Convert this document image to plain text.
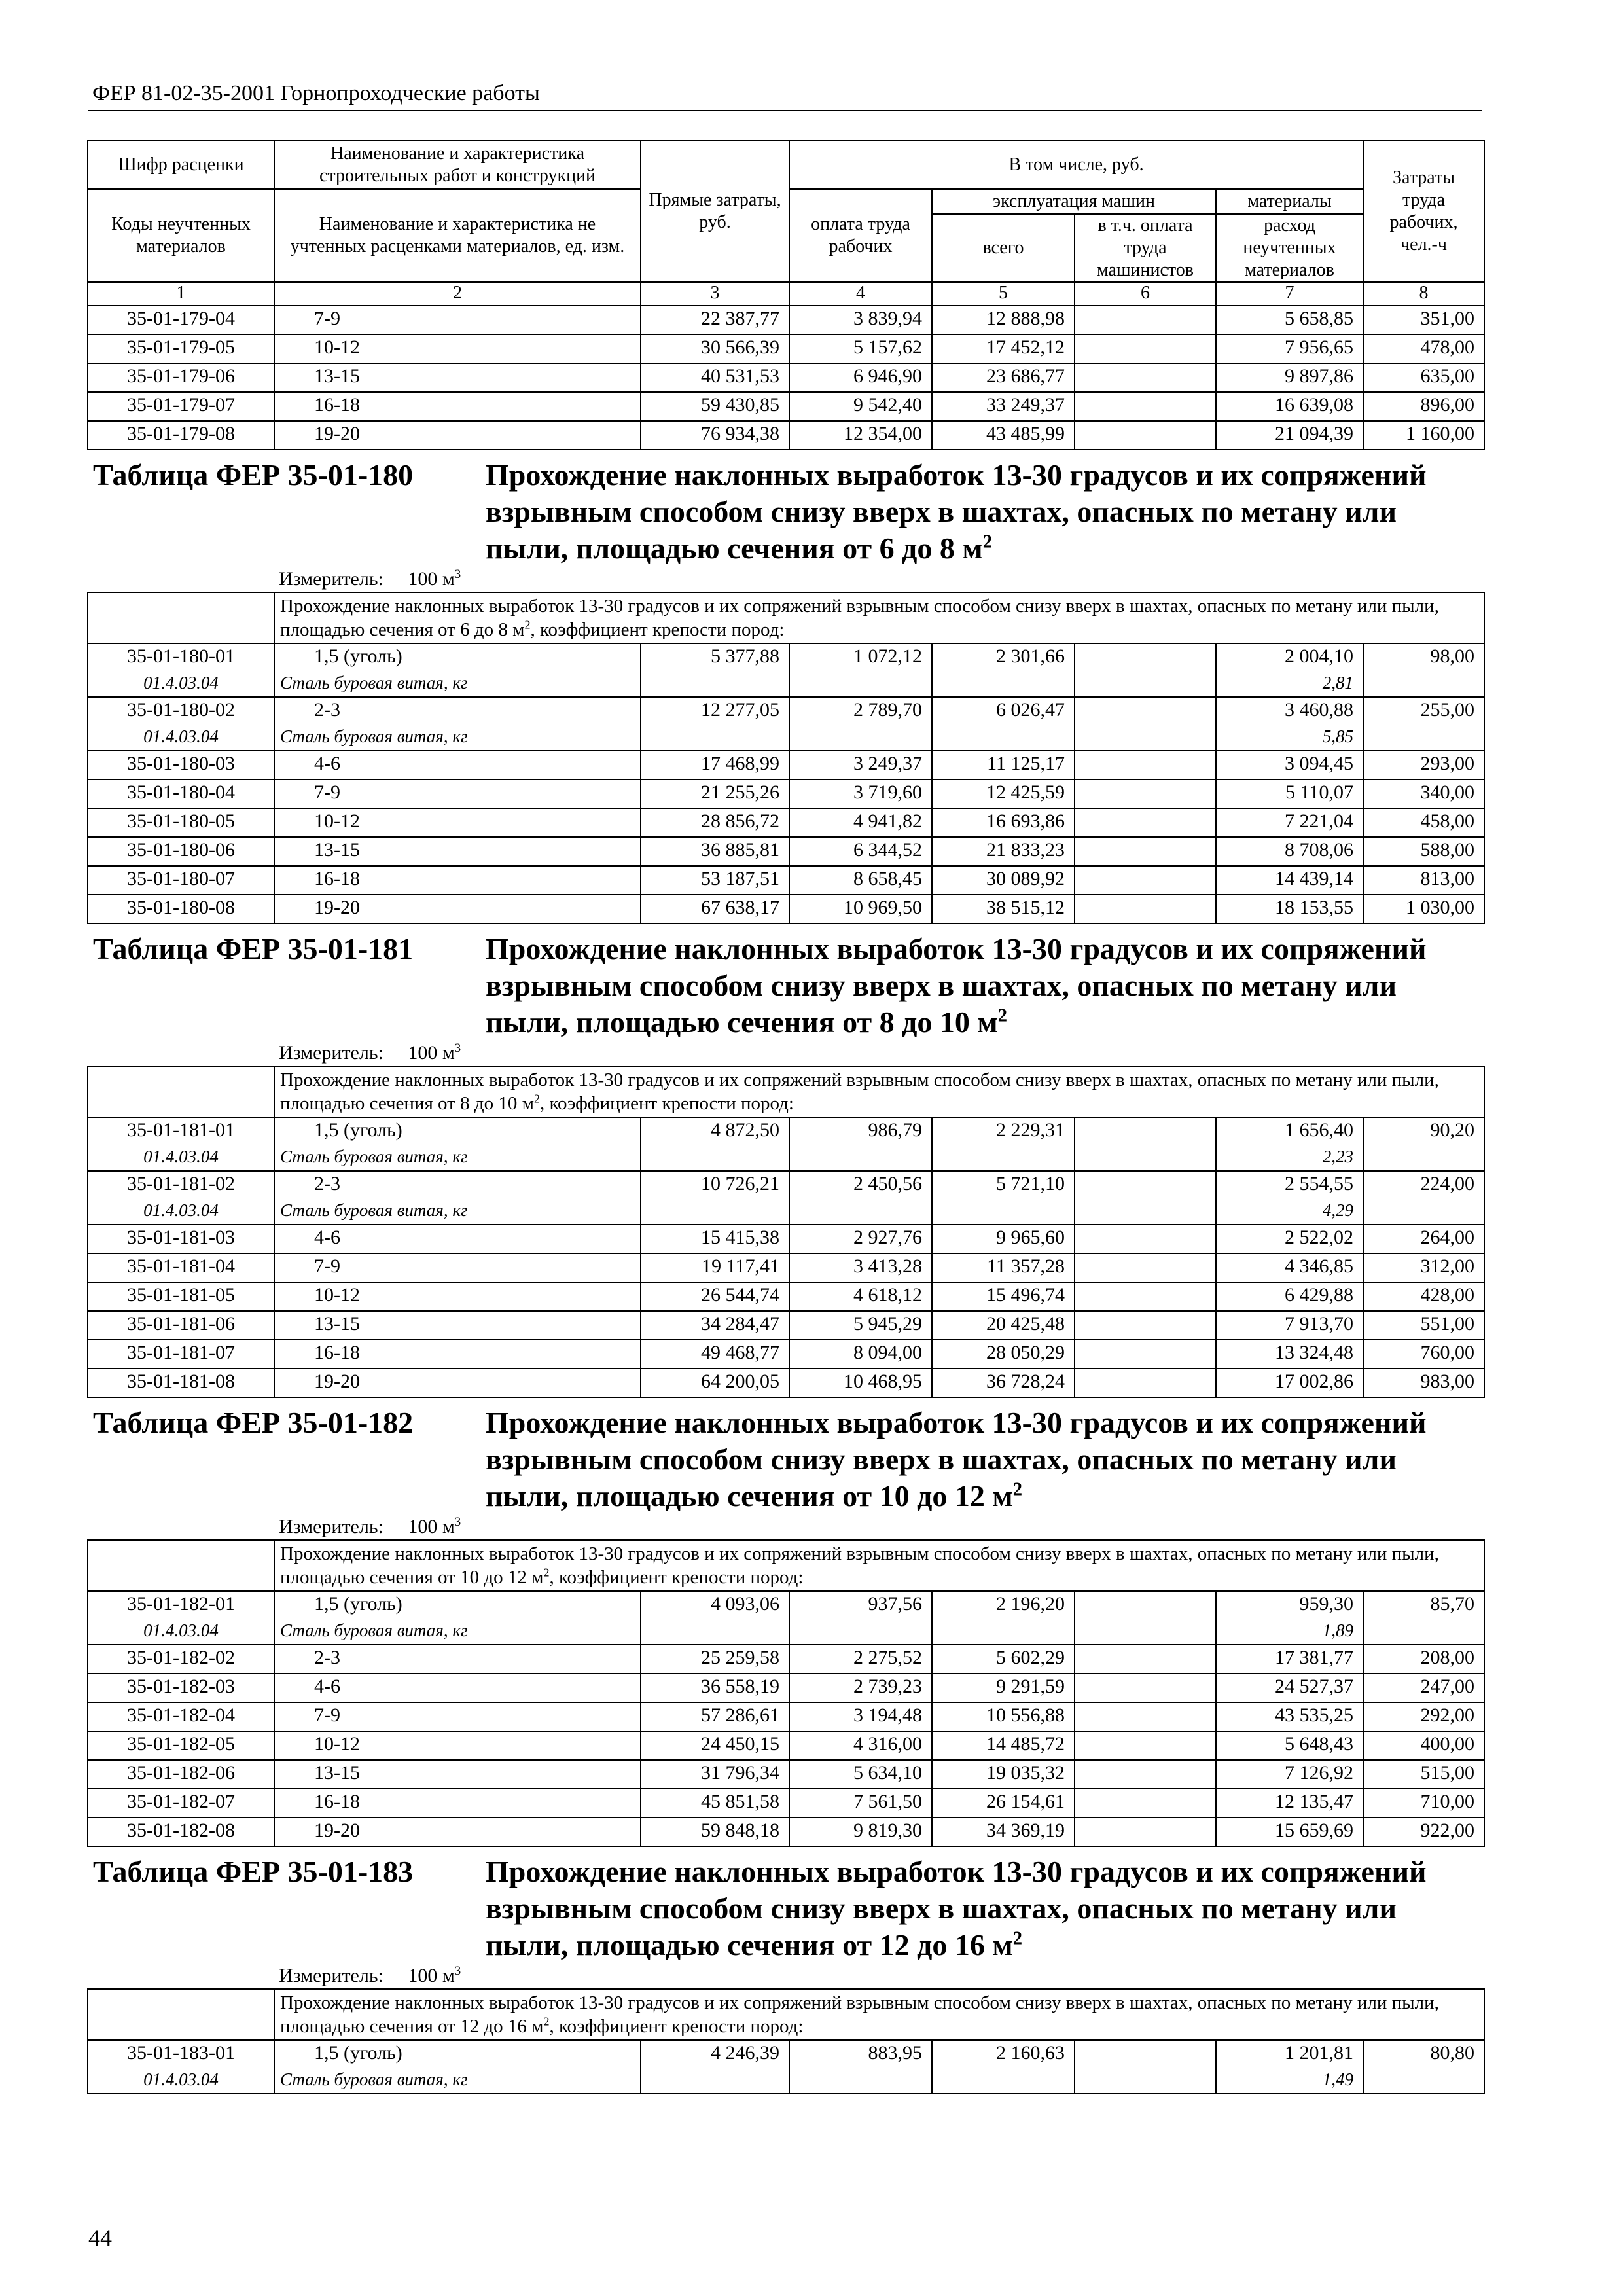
ФЕР 81-02-35-2001 Горнопроходческие работы
Шифр расценки	Наименование и характеристика строительных работ и конструкций	Прямые затраты, руб.	В том числе, руб.				Затраты труда рабочих, чел.-ч
Коды неучтенных материалов	Наименование и характеристика не учтенных расценками материалов, ед. изм.		оплата труда рабочих	эксплуатация машин		материалы	
				всего	в т.ч. оплата труда машинистов	расход неучтенных материалов	
1	2	3	4	5	6	7	8
35-01-179-04	7-9	22 387,77	3 839,94	12 888,98		5 658,85	351,00
35-01-179-05	10-12	30 566,39	5 157,62	17 452,12		7 956,65	478,00
35-01-179-06	13-15	40 531,53	6 946,90	23 686,77		9 897,86	635,00
35-01-179-07	16-18	59 430,85	9 542,40	33 249,37		16 639,08	896,00
35-01-179-08	19-20	76 934,38	12 354,00	43 485,99		21 094,39	1 160,00

Таблица ФЕР 35-01-180 Прохождение наклонных выработок 13-30 градусов и их сопряжений взрывным способом снизу вверх в шахтах, опасных по метану или пыли, площадью сечения от 6 до 8 $м^2$

Измеритель: 100 $м^3$
	Прохождение наклонных выработок 13-30 градусов и их сопряжений взрывным способом снизу вверх в шахтах, опасных по метану или пыли, площадью сечения от 6 до 8 $м^2$, коэффициент крепости пород:						
35-01-180-01	1,5 (уголь)	5 377,88	1 072,12	2 301,66		2 004,10	98,00
01.4.03.04	Сталь буровая витая, кг					2,81	
35-01-180-02	2-3	12 277,05	2 789,70	6 026,47		3 460,88	255,00
01.4.03.04	Сталь буровая витая, кг					5,85	
35-01-180-03	4-6	17 468,99	3 249,37	11 125,17		3 094,45	293,00
35-01-180-04	7-9	21 255,26	3 719,60	12 425,59		5 110,07	340,00
35-01-180-05	10-12	28 856,72	4 941,82	16 693,86		7 221,04	458,00
35-01-180-06	13-15	36 885,81	6 344,52	21 833,23		8 708,06	588,00
35-01-180-07	16-18	53 187,51	8 658,45	30 089,92		14 439,14	813,00
35-01-180-08	19-20	67 638,17	10 969,50	38 515,12		18 153,55	1 030,00

Таблица ФЕР 35-01-181 Прохождение наклонных выработок 13-30 градусов и их сопряжений взрывным способом снизу вверх в шахтах, опасных по метану или пыли, площадью сечения от 8 до 10 $м^2$

Измеритель: 100 $м^3$
	Прохождение наклонных выработок 13-30 градусов и их сопряжений взрывным способом снизу вверх в шахтах, опасных по метану или пыли, площадью сечения от 8 до 10 $м^2$, коэффициент крепости пород:						
35-01-181-01	1,5 (уголь)	4 872,50	986,79	2 229,31		1 656,40	90,20
01.4.03.04	Сталь буровая витая, кг					2,23	
35-01-181-02	2-3	10 726,21	2 450,56	5 721,10		2 554,55	224,00
01.4.03.04	Сталь буровая витая, кг					4,29	
35-01-181-03	4-6	15 415,38	2 927,76	9 965,60		2 522,02	264,00
35-01-181-04	7-9	19 117,41	3 413,28	11 357,28		4 346,85	312,00
35-01-181-05	10-12	26 544,74	4 618,12	15 496,74		6 429,88	428,00
35-01-181-06	13-15	34 284,47	5 945,29	20 425,48		7 913,70	551,00
35-01-181-07	16-18	49 468,77	8 094,00	28 050,29		13 324,48	760,00
35-01-181-08	19-20	64 200,05	10 468,95	36 728,24		17 002,86	983,00

Таблица ФЕР 35-01-182 Прохождение наклонных выработок 13-30 градусов и их сопряжений взрывным способом снизу вверх в шахтах, опасных по метану или пыли, площадью сечения от 10 до 12 $м^2$

Измеритель: 100 $м^3$
	Прохождение наклонных выработок 13-30 градусов и их сопряжений взрывным способом снизу вверх в шахтах, опасных по метану или пыли, площадью сечения от 10 до 12 $м^2$, коэффициент крепости пород:						
35-01-182-01	1,5 (уголь)	4 093,06	937,56	2 196,20		959,30	85,70
01.4.03.04	Сталь буровая витая, кг					1,89	
35-01-182-02	2-3	25 259,58	2 275,52	5 602,29		17 381,77	208,00
35-01-182-03	4-6	36 558,19	2 739,23	9 291,59		24 527,37	247,00
35-01-182-04	7-9	57 286,61	3 194,48	10 556,88		43 535,25	292,00
35-01-182-05	10-12	24 450,15	4 316,00	14 485,72		5 648,43	400,00
35-01-182-06	13-15	31 796,34	5 634,10	19 035,32		7 126,92	515,00
35-01-182-07	16-18	45 851,58	7 561,50	26 154,61		12 135,47	710,00
35-01-182-08	19-20	59 848,18	9 819,30	34 369,19		15 659,69	922,00

Таблица ФЕР 35-01-183 Прохождение наклонных выработок 13-30 градусов и их сопряжений взрывным способом снизу вверх в шахтах, опасных по метану или пыли, площадью сечения от 12 до 16 $м^2$

Измеритель: 100 $м^3$
	Прохождение наклонных выработок 13-30 градусов и их сопряжений взрывным способом снизу вверх в шахтах, опасных по метану или пыли, площадью сечения от 12 до 16 $м^2$, коэффициент крепости пород:						
35-01-183-01	1,5 (уголь)	4 246,39	883,95	2 160,63		1 201,81	80,80
01.4.03.04	Сталь буровая витая, кг					1,49	
44
